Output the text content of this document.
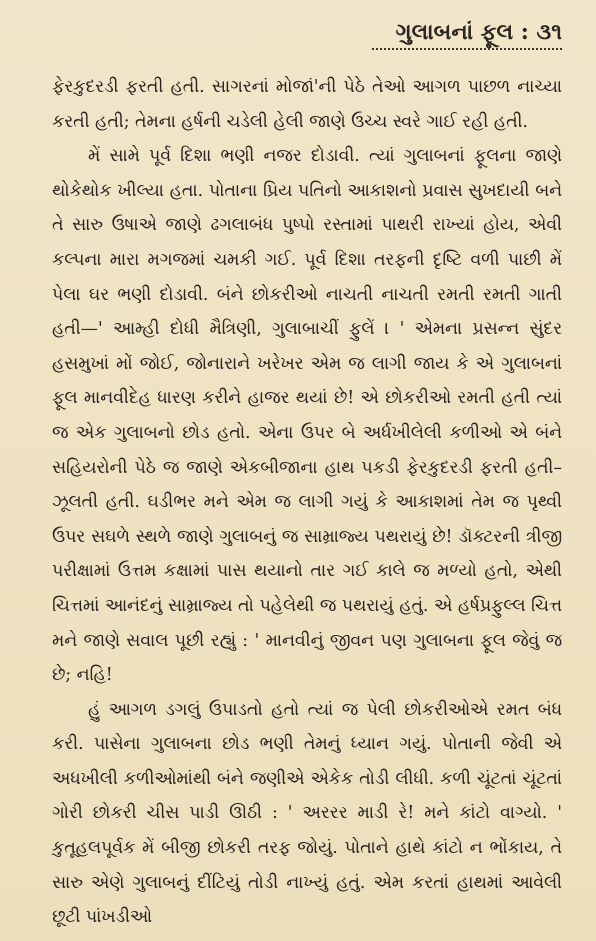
ગુલાબનાં ફૂલ : ૩૧

ફેરકુદરડી ફરતી હતી. સાગરનાં મોજાં'ની પેઠે તેઓ આગળ પાછળ નાચ્યા કરતી હતી; તેમના હર્ષની ચડેલી હેલી જાણે ઉચ્ચ સ્વરે ગાઈ રહી હતી.

મેં સામે પૂર્વ દિશા ભણી નજર દોડાવી. ત્યાં ગુલાબનાં ફૂલના જાણે થોકેથોક ખીલ્યા હતા. પોતાના પ્રિય પતિનો આકાશનો પ્રવાસ સુખદાયી બને તે સારુ ઉષાએ જાણે ઢગલાબંધ પુષ્પો રસ્તામાં પાથરી રાખ્યાં હોય, એવી કલ્પના મારા મગજમાં ચમકી ગઈ. પૂર્વ દિશા તરફની દૃષ્ટિ વળી પાછી મેં પેલા ઘર ભણી દોડાવી. બંને છોકરીઓ નાચતી નાચતી રમતી રમતી ગાતી હતી—' આમ્હી દોધી મૈત્રિણી, ગુલાબાચીં ફુલેં । ' એમના પ્રસન્ન સુંદર હસમુખાં મોં જોઈ, જોનારાને ખરેખર એમ જ લાગી જાય કે એ ગુલાબનાં ફૂલ માનવીદેહ ધારણ કરીને હાજર થયાં છે! એ છોકરીઓ રમતી હતી ત્યાં જ એક ગુલાબનો છોડ હતો. એના ઉપર બે અર્ધખીલેલી કળીઓ એ બંને સહિયરોની પેઠે જ જાણે એકબીજાના હાથ પકડી ફેરકુદરડી ફરતી હતી–ઝૂલતી હતી. ઘડીભર મને એમ જ લાગી ગયું કે આકાશમાં તેમ જ પૃથ્વી ઉપર સઘળે સ્થળે જાણે ગુલાબનું જ સામ્રાજ્ય પથરાયું છે! ડૉક્ટરની ત્રીજી પરીક્ષામાં ઉત્તમ કક્ષામાં પાસ થયાનો તાર ગઈ કાલે જ મળ્યો હતો, એથી ચિત્તમાં આનંદનું સામ્રાજ્ય તો પહેલેથી જ પથરાયું હતું. એ હર્ષપ્રફુલ્લ ચિત્ત મને જાણે સવાલ પૂછી રહ્યું : ' માનવીનું જીવન પણ ગુલાબના ફૂલ જેવું જ છે; નહિ!

હું આગળ ડગલું ઉપાડતો હતો ત્યાં જ પેલી છોકરીઓએ રમત બંધ કરી. પાસેના ગુલાબના છોડ ભણી તેમનું ધ્યાન ગયું. પોતાની જેવી એ અધખીલી કળીઓમાંથી બંને જણીએ એકેક તોડી લીધી. કળી ચૂંટતાં ચૂંટતાં ગોરી છોકરી ચીસ પાડી ઊઠી : ' અરરર માડી રે! મને કાંટો વાગ્યો. ' કુતૂહલપૂર્વક મેં બીજી છોકરી તરફ જોયું. પોતાને હાથે કાંટો ન ભોંકાય, તે સારુ એણે ગુલાબનું દીંટિયું તોડી નાખ્યું હતું. એમ કરતાં હાથમાં આવેલી છૂટી પાંખડીઓ
